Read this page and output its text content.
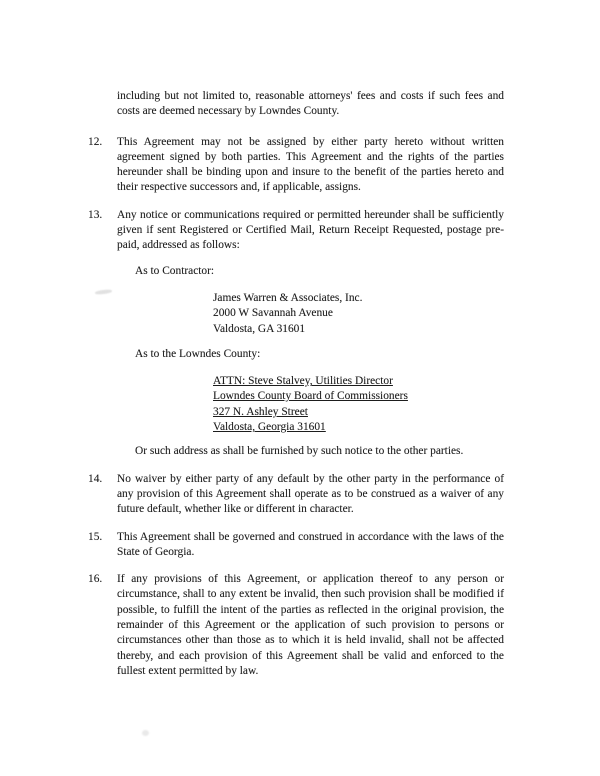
including but not limited to, reasonable attorneys' fees and costs if such fees and costs are deemed necessary by Lowndes County.

12.	This Agreement may not be assigned by either party hereto without written agreement signed by both parties. This Agreement and the rights of the parties hereunder shall be binding upon and insure to the benefit of the parties hereto and their respective successors and, if applicable, assigns.
13.	Any notice or communications required or permitted hereunder shall be sufficiently given if sent Registered or Certified Mail, Return Receipt Requested, postage pre-paid, addressed as follows:
As to Contractor:
James Warren & Associates, Inc.
2000 W Savannah Avenue
Valdosta, GA 31601
As to the Lowndes County:
ATTN: Steve Stalvey, Utilities Director
Lowndes County Board of Commissioners
327 N. Ashley Street
Valdosta, Georgia 31601
Or such address as shall be furnished by such notice to the other parties.
14.	No waiver by either party of any default by the other party in the performance of any provision of this Agreement shall operate as to be construed as a waiver of any future default, whether like or different in character.
15.	This Agreement shall be governed and construed in accordance with the laws of the State of Georgia.
16.	If any provisions of this Agreement, or application thereof to any person or circumstance, shall to any extent be invalid, then such provision shall be modified if possible, to fulfill the intent of the parties as reflected in the original provision, the remainder of this Agreement or the application of such provision to persons or circumstances other than those as to which it is held invalid, shall not be affected thereby, and each provision of this Agreement shall be valid and enforced to the fullest extent permitted by law.
